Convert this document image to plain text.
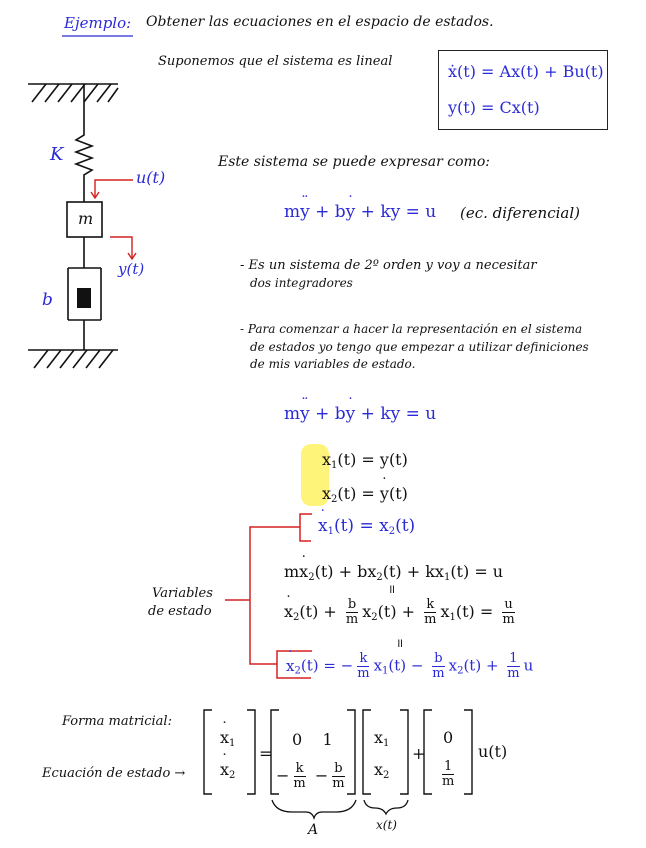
Ejemplo: Obtener las ecuaciones en el espacio de estados.
Suponemos que el sistema es lineal
ẋ(t) = Ax(t) + Bu(t)
y(t) = Cx(t)
K
u(t)
m
y(t)
b
Este sistema se puede expresar como:
m¨ y + b˙ y + ky = u (ec. diferencial)
- Es un sistema de 2º orden y voy a necesitar
dos integradores
- Para comenzar a hacer la representación en el sistema
de estados yo tengo que empezar a utilizar definiciones
de mis variables de estado.
m¨ y + b˙ y + ky = u
$x_1(t) = y(t)$
$x_2(t)$ = ˙ y(t)
˙ $x_1(t) = x_2(t)$
m˙ $x_2(t) + bx_2(t) + kx_1(t) = u$
॥
˙ $x_2(t) + \frac{b}{m} x_2(t) + \frac{k}{m} x_1(t) = \frac{u}{m}$
॥
˙ $x_2(t)$ = − $\frac{k}{m} x_1(t) - \frac{b}{m} x_2(t) + \frac{1}{m}$ u
Variables
de estado
Forma matricial:
Ecuación de estado →
˙ $x_1$
˙ $x_2$
=
0    1
− $\frac{k}{m} - \frac{b}{m}$
$x_1$
$x_2$
+
0
$\frac{1}{m}$
u(t)
A	x(t)
